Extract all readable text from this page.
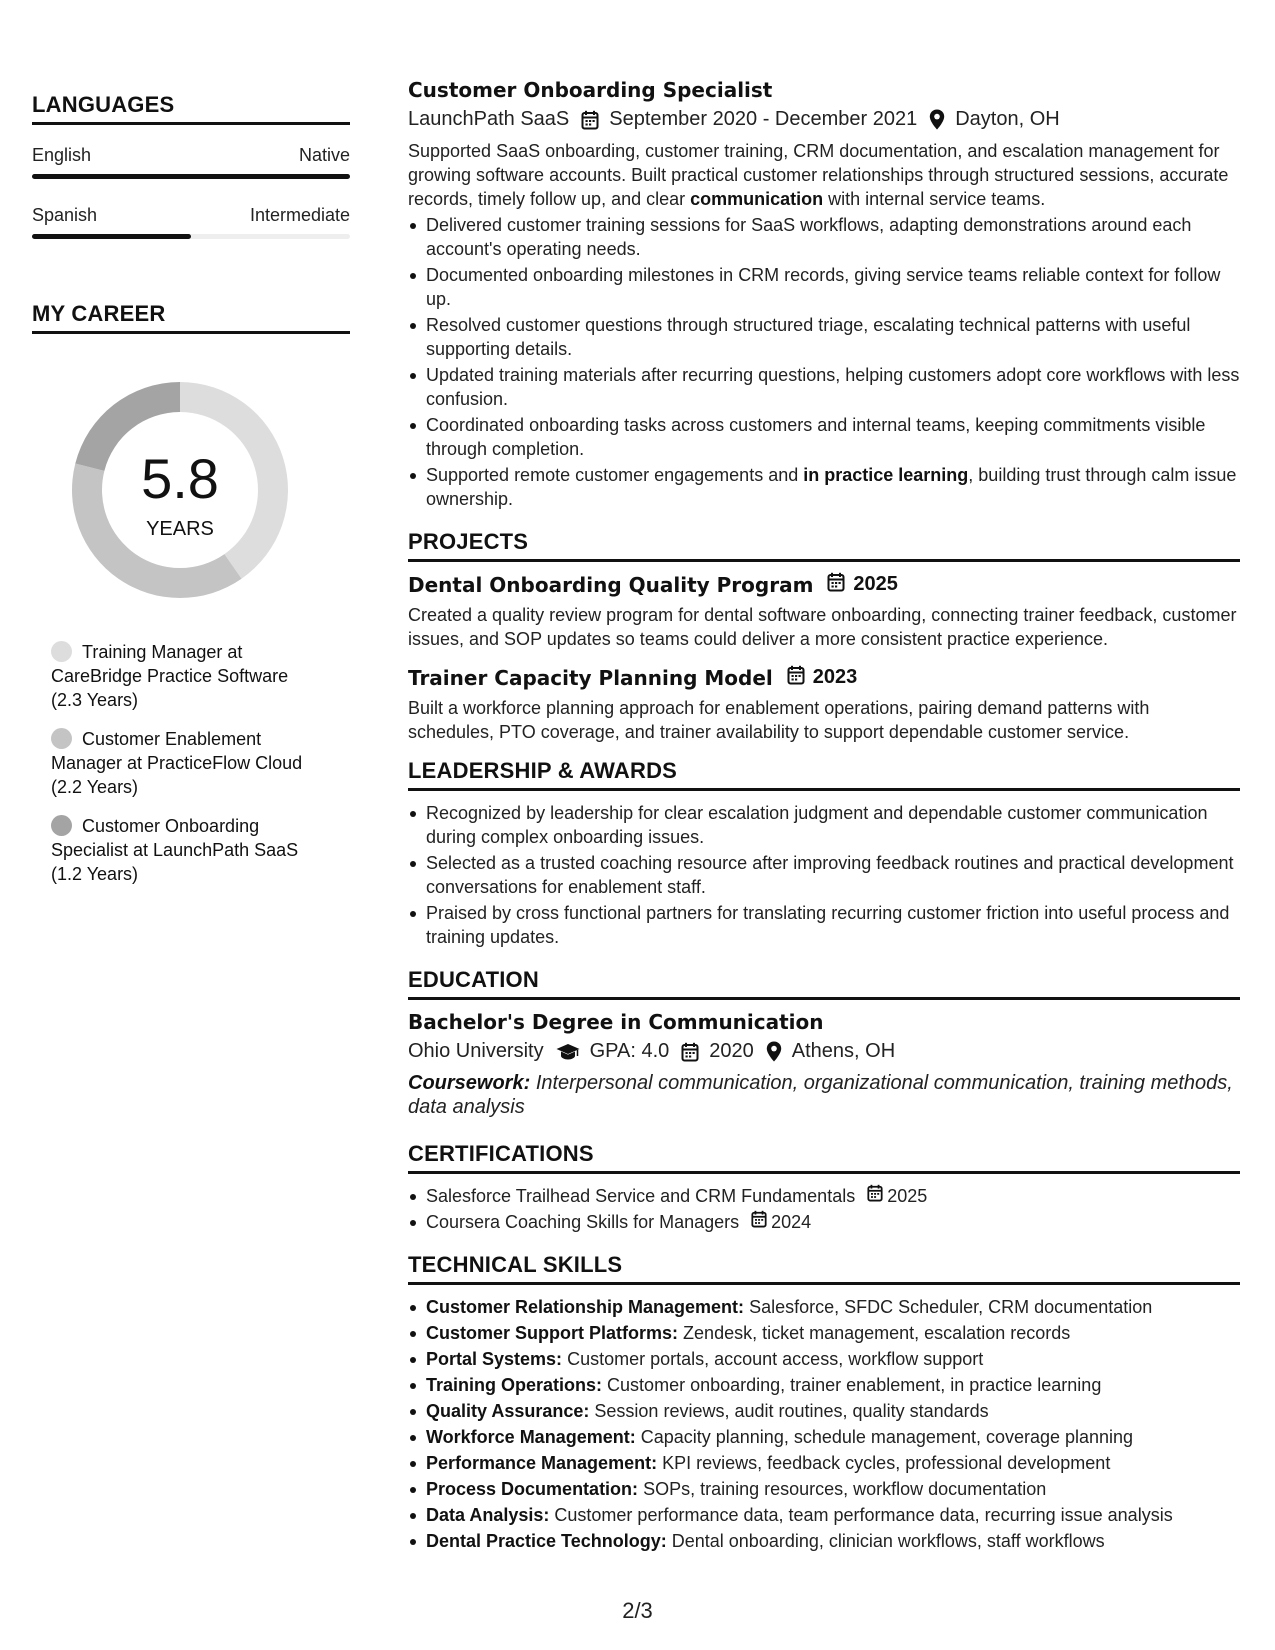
LANGUAGES
English	Native
Spanish	Intermediate
MY CAREER
5.8
YEARS
Training Manager at CareBridge Practice Software (2.3 Years)
Customer Enablement Manager at PracticeFlow Cloud (2.2 Years)
Customer Onboarding Specialist at LaunchPath SaaS (1.2 Years)
Customer Onboarding Specialist
LaunchPath SaaS September 2020 - December 2021 Dayton, OH
Supported SaaS onboarding, customer training, CRM documentation, and escalation management for growing software accounts. Built practical customer relationships through structured sessions, accurate records, timely follow up, and clear communication with internal service teams.
Delivered customer training sessions for SaaS workflows, adapting demonstrations around each account's operating needs.
Documented onboarding milestones in CRM records, giving service teams reliable context for follow up.
Resolved customer questions through structured triage, escalating technical patterns with useful supporting details.
Updated training materials after recurring questions, helping customers adopt core workflows with less confusion.
Coordinated onboarding tasks across customers and internal teams, keeping commitments visible through completion.
Supported remote customer engagements and in practice learning, building trust through calm issue ownership.
PROJECTS
Dental Onboarding Quality Program 2025
Created a quality review program for dental software onboarding, connecting trainer feedback, customer issues, and SOP updates so teams could deliver a more consistent practice experience.
Trainer Capacity Planning Model 2023
Built a workforce planning approach for enablement operations, pairing demand patterns with schedules, PTO coverage, and trainer availability to support dependable customer service.
LEADERSHIP & AWARDS
Recognized by leadership for clear escalation judgment and dependable customer communication during complex onboarding issues.
Selected as a trusted coaching resource after improving feedback routines and practical development conversations for enablement staff.
Praised by cross functional partners for translating recurring customer friction into useful process and training updates.
EDUCATION
Bachelor's Degree in Communication
Ohio University GPA: 4.0 2020 Athens, OH
Coursework: Interpersonal communication, organizational communication, training methods, data analysis
CERTIFICATIONS
Salesforce Trailhead Service and CRM Fundamentals 2025
Coursera Coaching Skills for Managers 2024
TECHNICAL SKILLS
Customer Relationship Management: Salesforce, SFDC Scheduler, CRM documentation
Customer Support Platforms: Zendesk, ticket management, escalation records
Portal Systems: Customer portals, account access, workflow support
Training Operations: Customer onboarding, trainer enablement, in practice learning
Quality Assurance: Session reviews, audit routines, quality standards
Workforce Management: Capacity planning, schedule management, coverage planning
Performance Management: KPI reviews, feedback cycles, professional development
Process Documentation: SOPs, training resources, workflow documentation
Data Analysis: Customer performance data, team performance data, recurring issue analysis
Dental Practice Technology: Dental onboarding, clinician workflows, staff workflows
2/3
